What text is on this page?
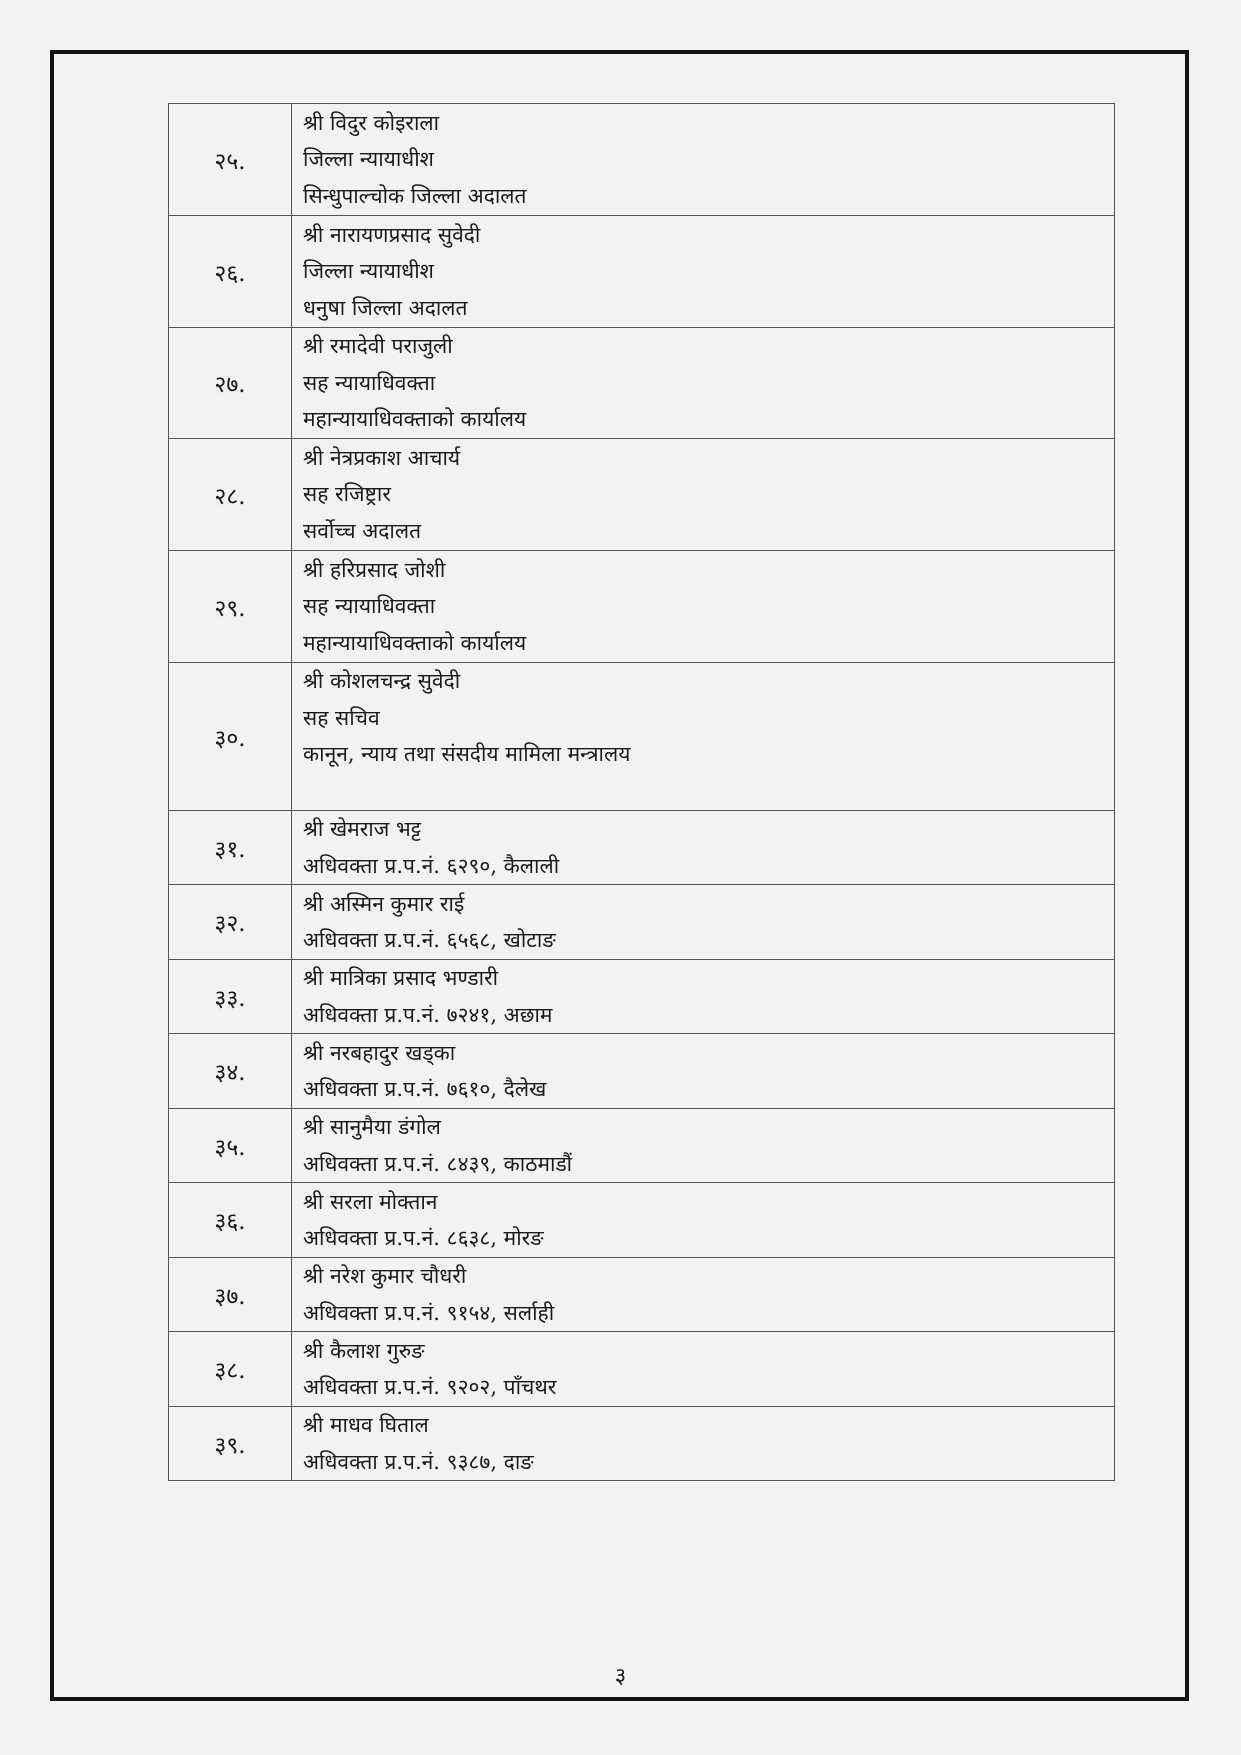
२५.	श्री विदुर कोइराला
जिल्ला न्यायाधीश
सिन्धुपाल्चोक जिल्ला अदालत

२६.	श्री नारायणप्रसाद सुवेदी
जिल्ला न्यायाधीश
धनुषा जिल्ला अदालत

२७.	श्री रमादेवी पराजुली
सह न्यायाधिवक्ता
महान्यायाधिवक्ताको कार्यालय

२८.	श्री नेत्रप्रकाश आचार्य
सह रजिष्ट्रार
सर्वोच्च अदालत

२९.	श्री हरिप्रसाद जोशी
सह न्यायाधिवक्ता
महान्यायाधिवक्ताको कार्यालय

३०.	श्री कोशलचन्द्र सुवेदी
सह सचिव
कानून, न्याय तथा संसदीय मामिला मन्त्रालय

३१.	श्री खेमराज भट्ट
अधिवक्ता प्र.प.नं. ६२९०, कैलाली

३२.	श्री अस्मिन कुमार राई
अधिवक्ता प्र.प.नं. ६५६८, खोटाङ

३३.	श्री मात्रिका प्रसाद भण्डारी
अधिवक्ता प्र.प.नं. ७२४१, अछाम

३४.	श्री नरबहादुर खड्का
अधिवक्ता प्र.प.नं. ७६१०, दैलेख

३५.	श्री सानुमैया डंगोल
अधिवक्ता प्र.प.नं. ८४३९, काठमाडौं

३६.	श्री सरला मोक्तान
अधिवक्ता प्र.प.नं. ८६३८, मोरङ

३७.	श्री नरेश कुमार चौधरी
अधिवक्ता प्र.प.नं. ९१५४, सर्लाही

३८.	श्री कैलाश गुरुङ
अधिवक्ता प्र.प.नं. ९२०२, पाँचथर

३९.	श्री माधव घिताल
अधिवक्ता प्र.प.नं. ९३८७, दाङ
३
